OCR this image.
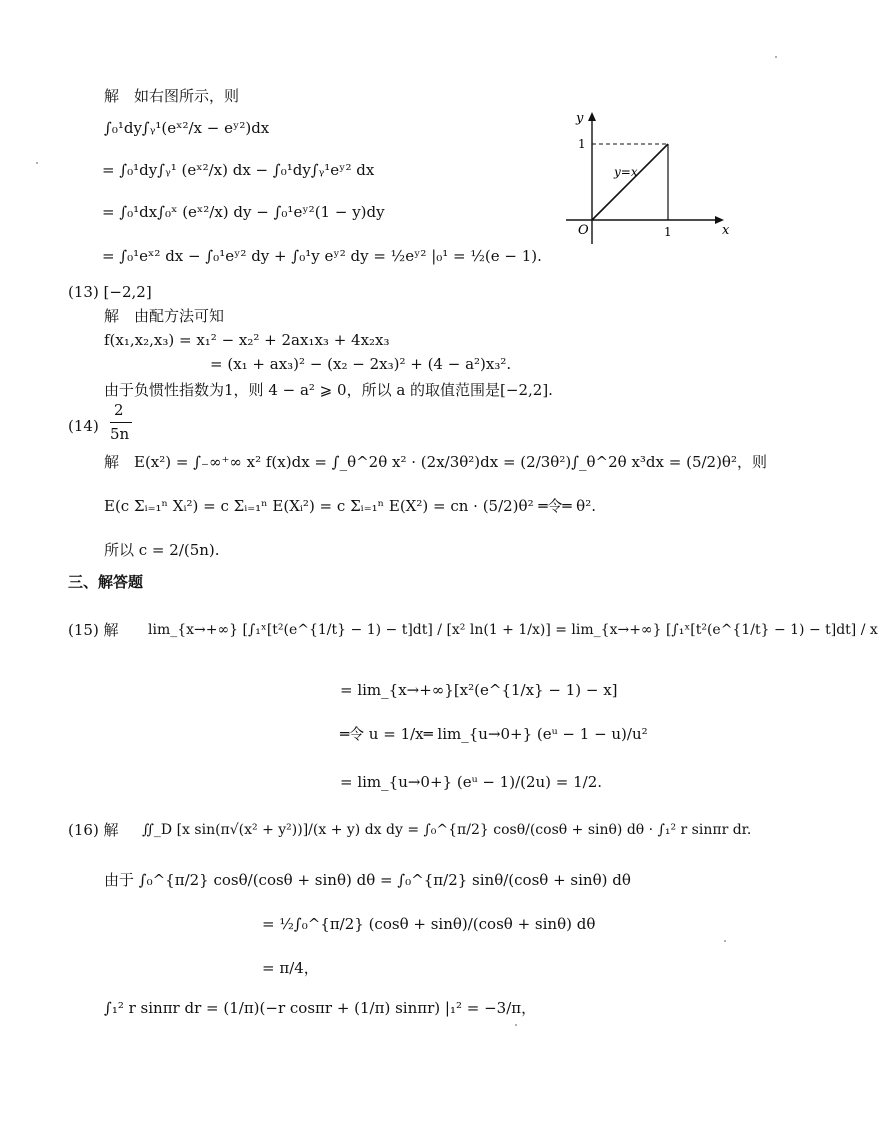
解　如右图所示，则
∫₀¹dy∫ᵧ¹(eˣ²/x − eʸ²)dx
= ∫₀¹dy∫ᵧ¹ (eˣ²/x) dx − ∫₀¹dy∫ᵧ¹eʸ² dx
= ∫₀¹dx∫₀ˣ (eˣ²/x) dy − ∫₀¹eʸ²(1 − y)dy
= ∫₀¹eˣ² dx − ∫₀¹eʸ² dy + ∫₀¹y eʸ² dy = ½eʸ² |₀¹ = ½(e − 1).
y
x
O	1
1
y=x
(13) [−2,2]
解　由配方法可知
f(x₁,x₂,x₃) = x₁² − x₂² + 2ax₁x₃ + 4x₂x₃
= (x₁ + ax₃)² − (x₂ − 2x₃)² + (4 − a²)x₃².
由于负惯性指数为1，则 4 − a² ⩾ 0，所以 a 的取值范围是[−2,2].
(14)
2
5n
解　E(x²) = ∫₋∞⁺∞ x² f(x)dx = ∫_θ^2θ x² · (2x/3θ²)dx = (2/3θ²)∫_θ^2θ x³dx = (5/2)θ²，则
E(c Σᵢ₌₁ⁿ Xᵢ²) = c Σᵢ₌₁ⁿ E(Xᵢ²) = c Σᵢ₌₁ⁿ E(X²) = cn · (5/2)θ² ═令═ θ².
所以 c = 2/(5n).
三、解答题
(15) 解 lim_{x→+∞} [∫₁ˣ[t²(e^{1/t} − 1) − t]dt] / [x² ln(1 + 1/x)] = lim_{x→+∞} [∫₁ˣ[t²(e^{1/t} − 1) − t]dt] / x
= lim_{x→+∞}[x²(e^{1/x} − 1) − x]
═令 u = 1/x═ lim_{u→0+} (eᵘ − 1 − u)/u²
= lim_{u→0+} (eᵘ − 1)/(2u) = 1/2.
(16) 解 ∬_D [x sin(π√(x² + y²))]/(x + y) dx dy = ∫₀^{π/2} cosθ/(cosθ + sinθ) dθ · ∫₁² r sinπr dr.
由于 ∫₀^{π/2} cosθ/(cosθ + sinθ) dθ = ∫₀^{π/2} sinθ/(cosθ + sinθ) dθ
= ½∫₀^{π/2} (cosθ + sinθ)/(cosθ + sinθ) dθ
= π/4，
∫₁² r sinπr dr = (1/π)(−r cosπr + (1/π) sinπr) |₁² = −3/π，
